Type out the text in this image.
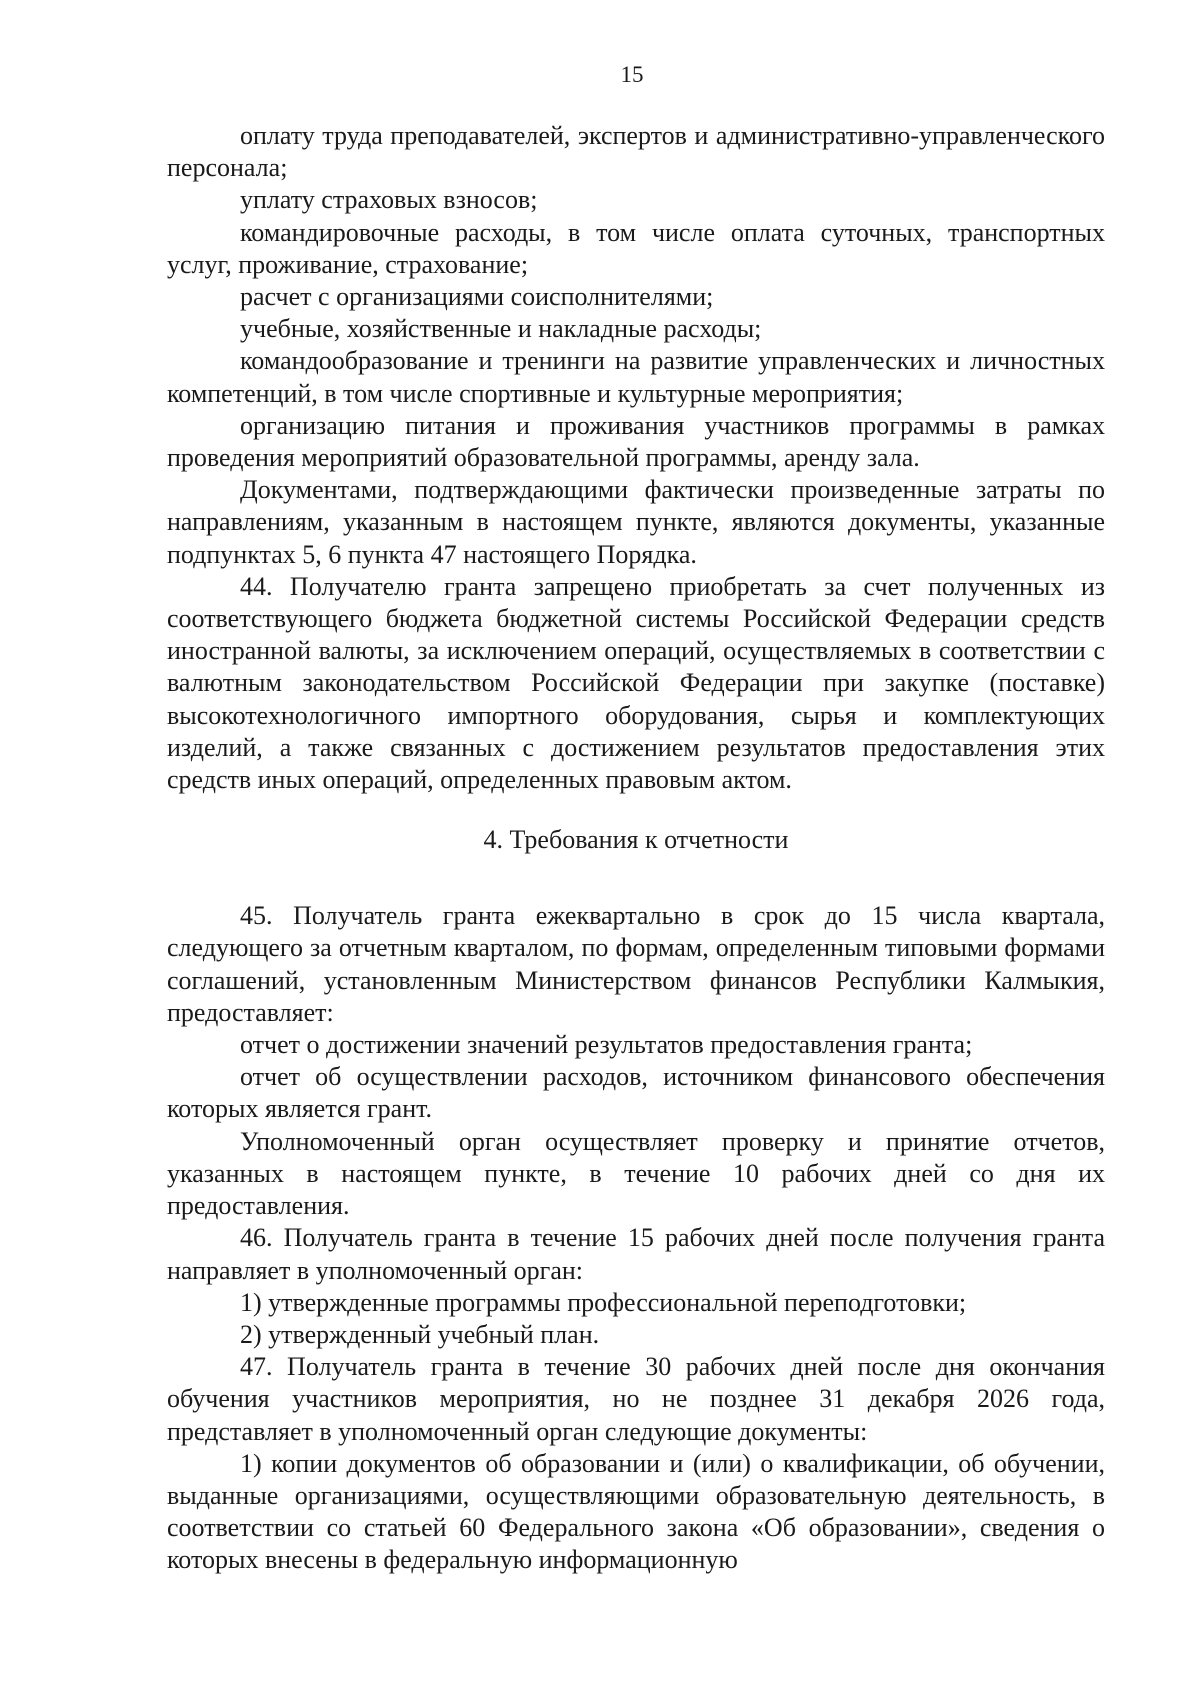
15

оплату труда преподавателей, экспертов и административно-управленческого персонала;

уплату страховых взносов;

командировочные расходы, в том числе оплата суточных, транспортных услуг, проживание, страхование;

расчет с организациями соисполнителями;

учебные, хозяйственные и накладные расходы;

командообразование и тренинги на развитие управленческих и личностных компетенций, в том числе спортивные и культурные мероприятия;

организацию питания и проживания участников программы в рамках проведения мероприятий образовательной программы, аренду зала.

Документами, подтверждающими фактически произведенные затраты по направлениям, указанным в настоящем пункте, являются документы, указанные подпунктах 5, 6 пункта 47 настоящего Порядка.

44. Получателю гранта запрещено приобретать за счет полученных из соответствующего бюджета бюджетной системы Российской Федерации средств иностранной валюты, за исключением операций, осуществляемых в соответствии с валютным законодательством Российской Федерации при закупке (поставке) высокотехнологичного импортного оборудования, сырья и комплектующих изделий, а также связанных с достижением результатов предоставления этих средств иных операций, определенных правовым актом.

4. Требования к отчетности

45. Получатель гранта ежеквартально в срок до 15 числа квартала, следующего за отчетным кварталом, по формам, определенным типовыми формами соглашений, установленным Министерством финансов Республики Калмыкия, предоставляет:

отчет о достижении значений результатов предоставления гранта;

отчет об осуществлении расходов, источником финансового обеспечения которых является грант.

Уполномоченный орган осуществляет проверку и принятие отчетов, указанных в настоящем пункте, в течение 10 рабочих дней со дня их предоставления.

46. Получатель гранта в течение 15 рабочих дней после получения гранта направляет в уполномоченный орган:

1) утвержденные программы профессиональной переподготовки;

2) утвержденный учебный план.

47. Получатель гранта в течение 30 рабочих дней после дня окончания обучения участников мероприятия, но не позднее 31 декабря 2026 года, представляет в уполномоченный орган следующие документы:

1) копии документов об образовании и (или) о квалификации, об обучении, выданные организациями, осуществляющими образовательную деятельность, в соответствии со статьей 60 Федерального закона «Об образовании», сведения о которых внесены в федеральную информационную
